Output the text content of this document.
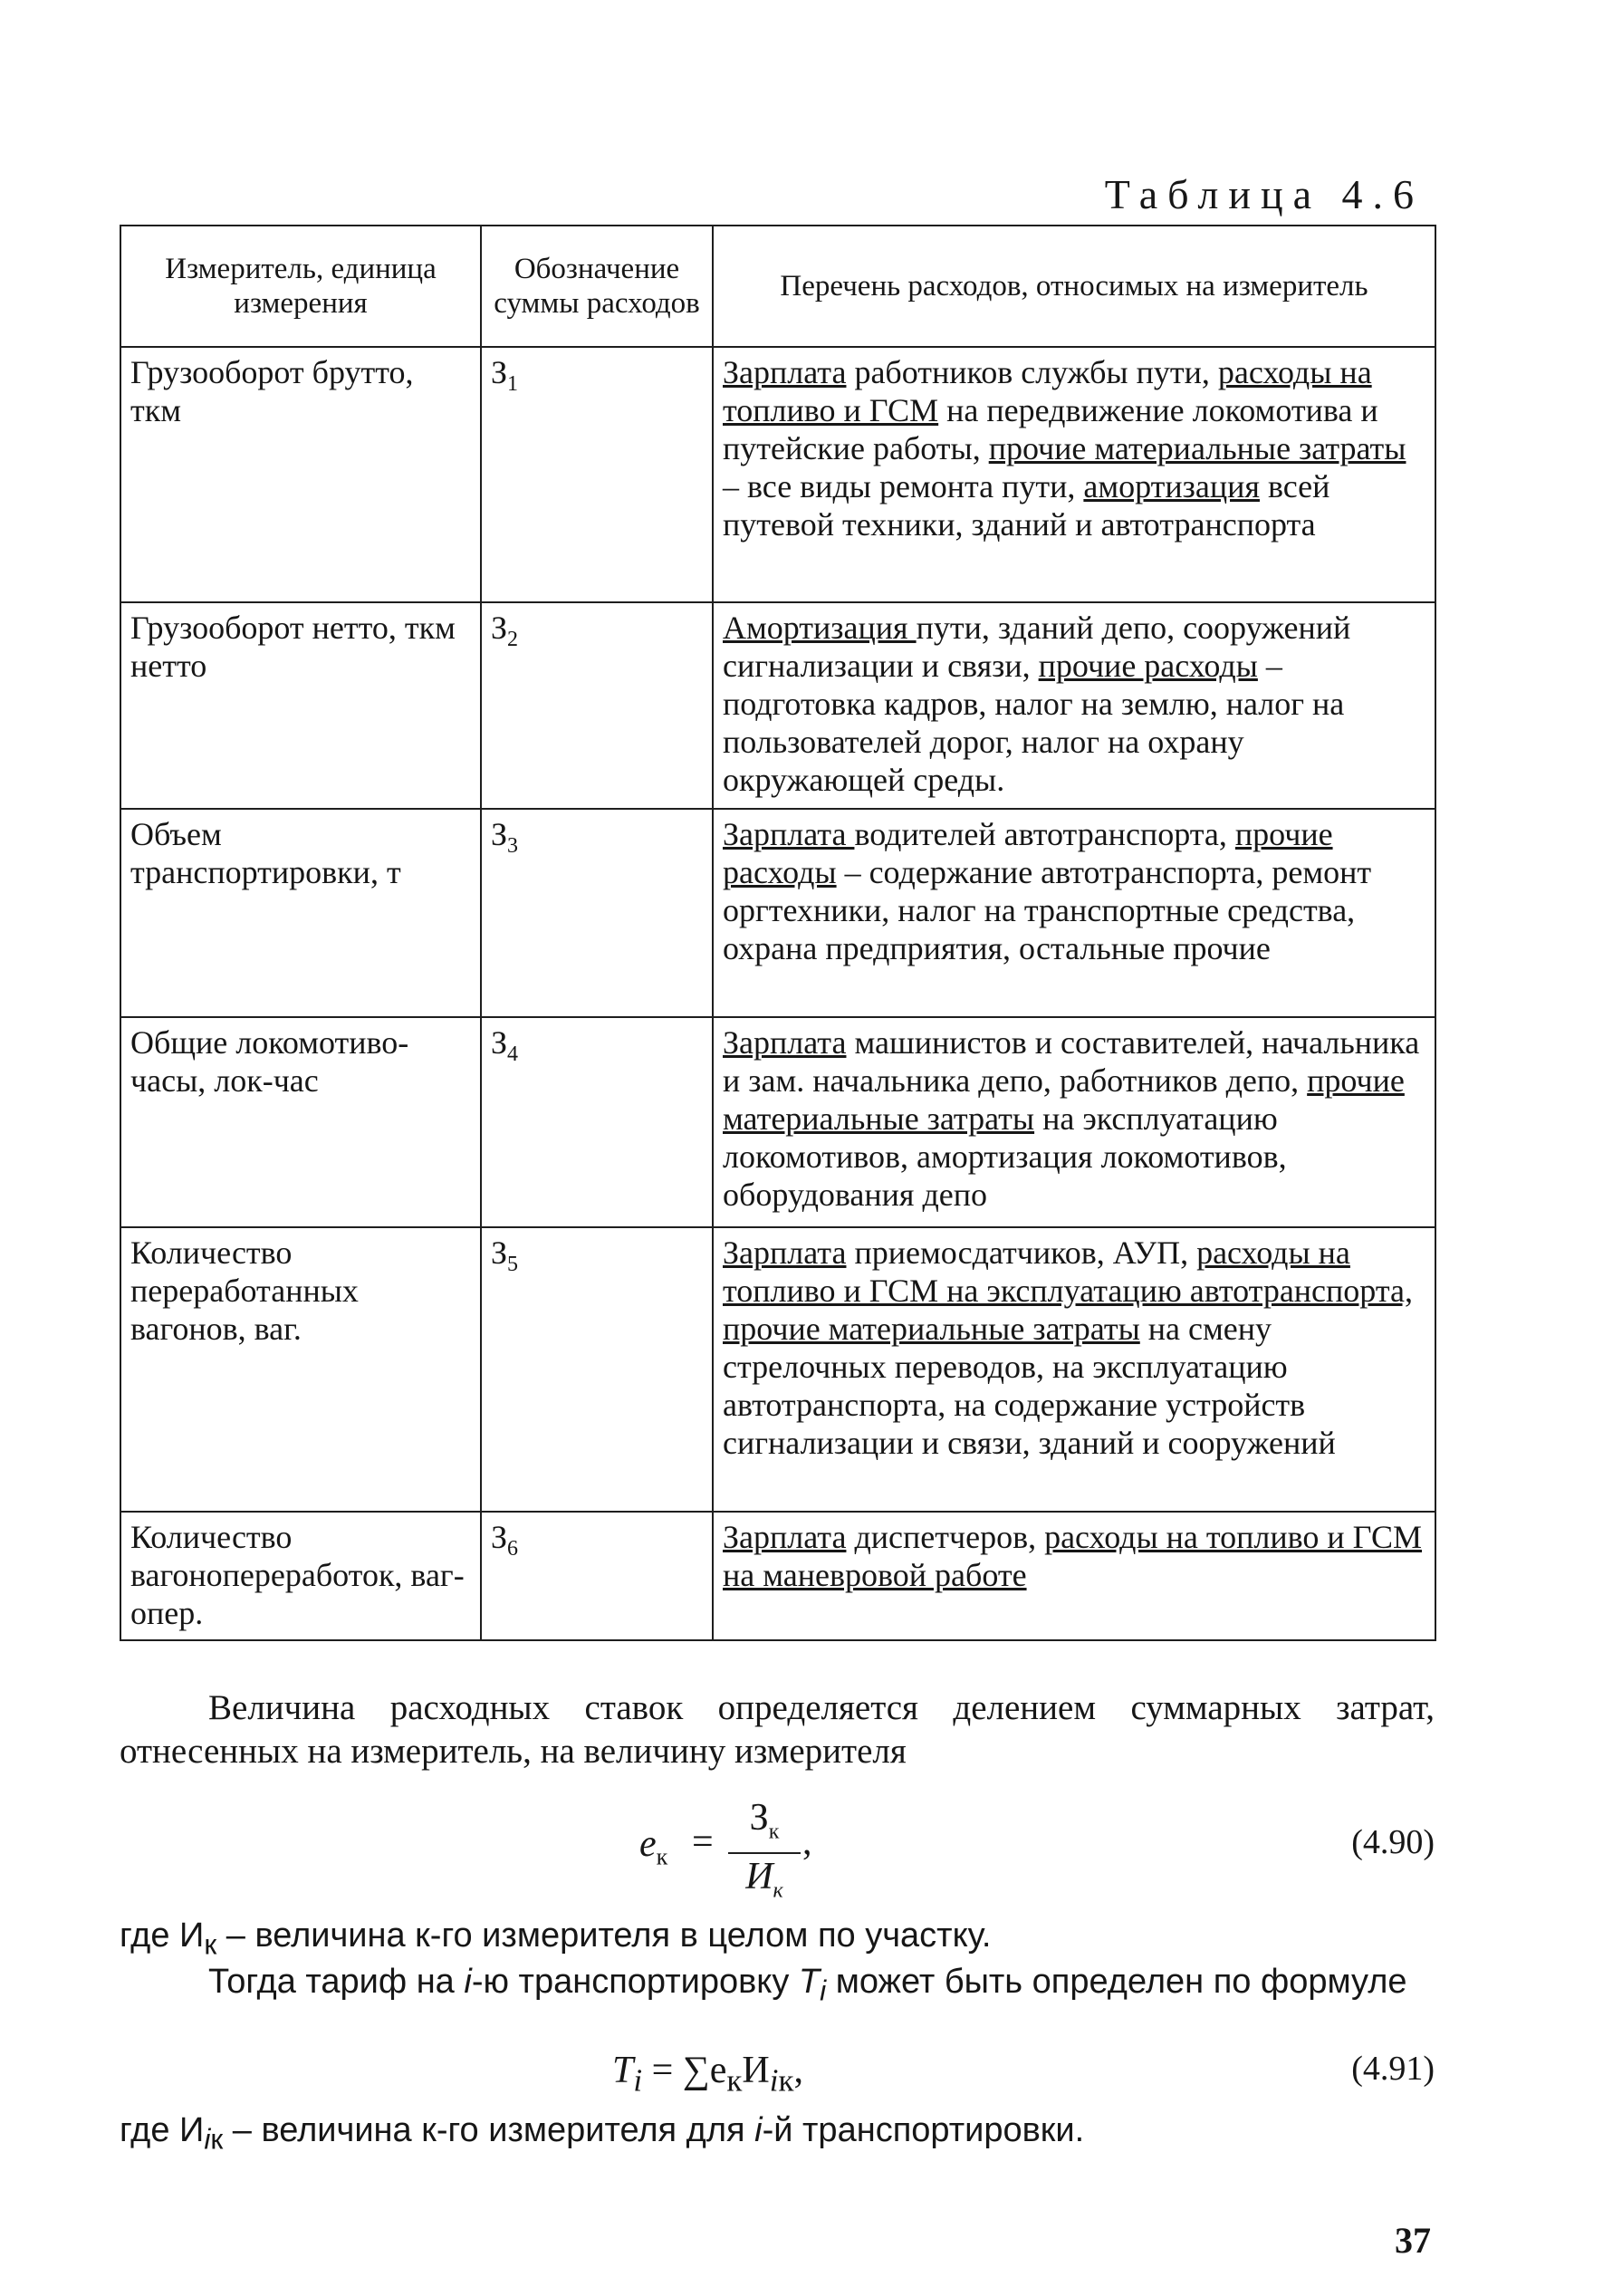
Таблица 4.6
Измеритель, единица измерения	Обозначение суммы расходов	Перечень расходов, относимых на измеритель
Грузооборот брутто, ткм	$З_1$	Зарплата работников службы пути, расходы на топливо и ГСМ на передвижение локомотива и путейские работы, прочие материальные затраты – все виды ремонта пути, амортизация всей путевой техники, зданий и автотранспорта
Грузооборот нетто, ткм нетто	$З_2$	Амортизация пути, зданий депо, сооружений сигнализации и связи, прочие расходы – подготовка кадров, налог на землю, налог на пользователей дорог, налог на охрану окружающей среды.
Объем транспортировки, т	$З_3$	Зарплата водителей автотранспорта, прочие расходы – содержание автотранспорта, ремонт оргтехники, налог на транспортные средства, охрана предприятия, остальные прочие
Общие локомотиво-часы, лок-час	$З_4$	Зарплата машинистов и составителей, начальника и зам. начальника депо, работников депо, прочие материальные затраты на эксплуатацию локомотивов, амортизация локомотивов, оборудования депо
Количество переработанных вагонов, ваг.	$З_5$	Зарплата приемосдатчиков, АУП, расходы на топливо и ГСМ на эксплуатацию автотранспорта, прочие материальные затраты на смену стрелочных переводов, на эксплуатацию автотранспорта, на содержание устройств сигнализации и связи, зданий и сооружений
Количество вагонопереработок, ваг-опер.	$З_6$	Зарплата диспетчеров, расходы на топливо и ГСМ на маневровой работе
Величина расходных ставок определяется делением суммарных затрат, отнесенных на измеритель, на величину измерителя
$e_к$ =
$З_к$
$И_к$
,	(4.90)
где $И_к$ – величина к-го измерителя в целом по участку.
Тогда тариф на i-ю транспортировку $T_i$ может быть определен по формуле
$T_i = \sum e_кИ_{iк}$,	(4.91)
где $И_{iк}$ – величина к-го измерителя для i-й транспортировки.
37
